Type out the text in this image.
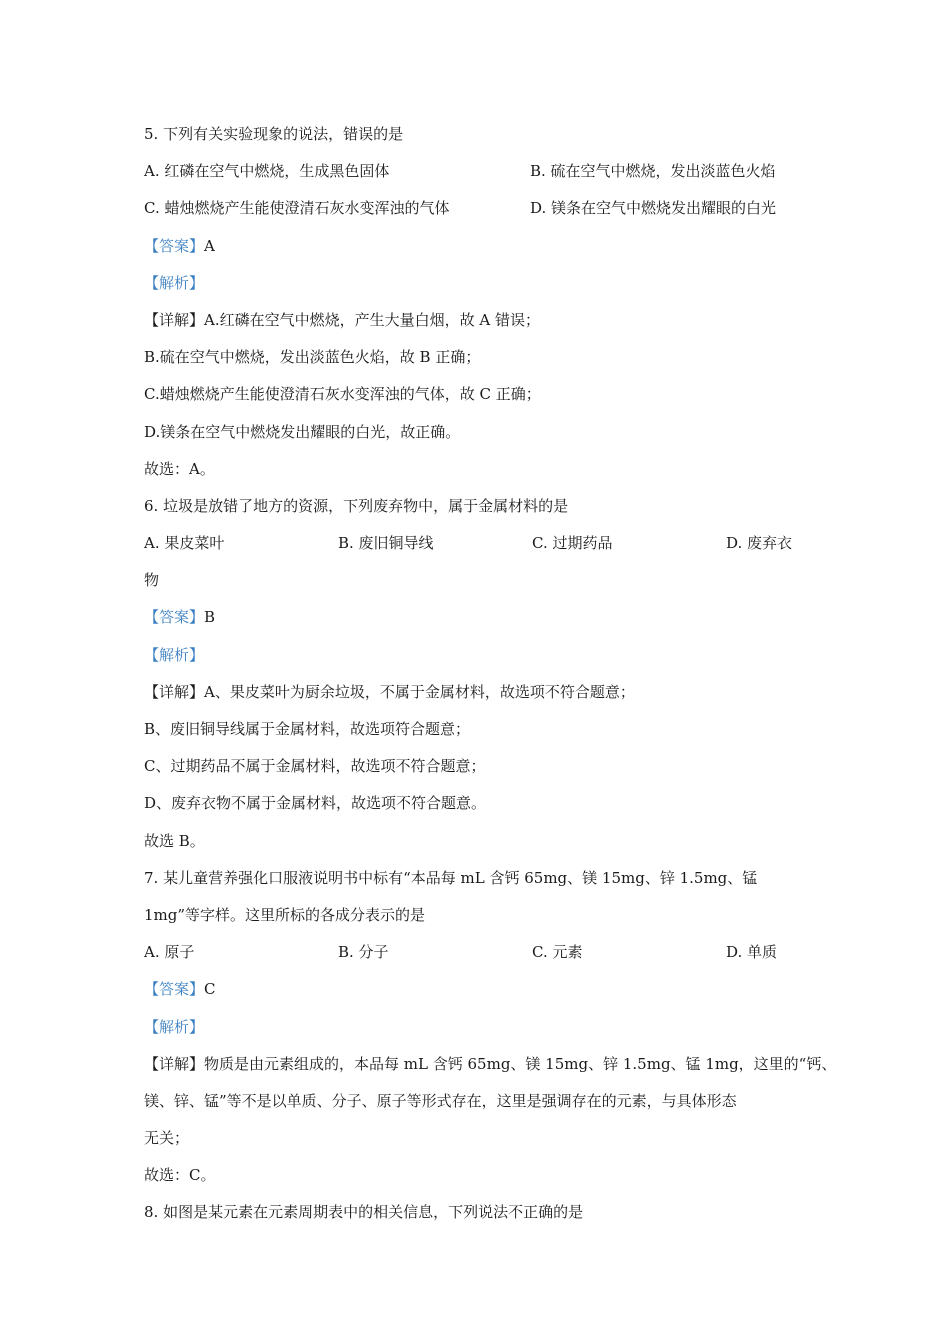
5. 下列有关实验现象的说法，错误的是
A. 红磷在空气中燃烧，生成黑色固体	B. 硫在空气中燃烧，发出淡蓝色火焰
C. 蜡烛燃烧产生能使澄清石灰水变浑浊的气体	D. 镁条在空气中燃烧发出耀眼的白光
【答案】A
【解析】
【详解】A.红磷在空气中燃烧，产生大量白烟，故 A 错误；
B.硫在空气中燃烧，发出淡蓝色火焰，故 B 正确；
C.蜡烛燃烧产生能使澄清石灰水变浑浊的气体，故 C 正确；
D.镁条在空气中燃烧发出耀眼的白光，故正确。
故选：A。
6. 垃圾是放错了地方的资源，下列废弃物中，属于金属材料的是
A. 果皮菜叶	B. 废旧铜导线	C. 过期药品	D. 废弃衣
物
【答案】B
【解析】
【详解】A、果皮菜叶为厨余垃圾，不属于金属材料，故选项不符合题意；
B、废旧铜导线属于金属材料，故选项符合题意；
C、过期药品不属于金属材料，故选项不符合题意；
D、废弃衣物不属于金属材料，故选项不符合题意。
故选 B。
7. 某儿童营养强化口服液说明书中标有“本品每 mL 含钙 65mg、镁 15mg、锌 1.5mg、锰
1mg”等字样。这里所标的各成分表示的是
A. 原子	B. 分子	C. 元素	D. 单质
【答案】C
【解析】
【详解】物质是由元素组成的，本品每 mL 含钙 65mg、镁 15mg、锌 1.5mg、锰 1mg，这里的“钙、
镁、锌、锰”等不是以单质、分子、原子等形式存在，这里是强调存在的元素，与具体形态
无关；
故选：C。
8. 如图是某元素在元素周期表中的相关信息，下列说法不正确的是
